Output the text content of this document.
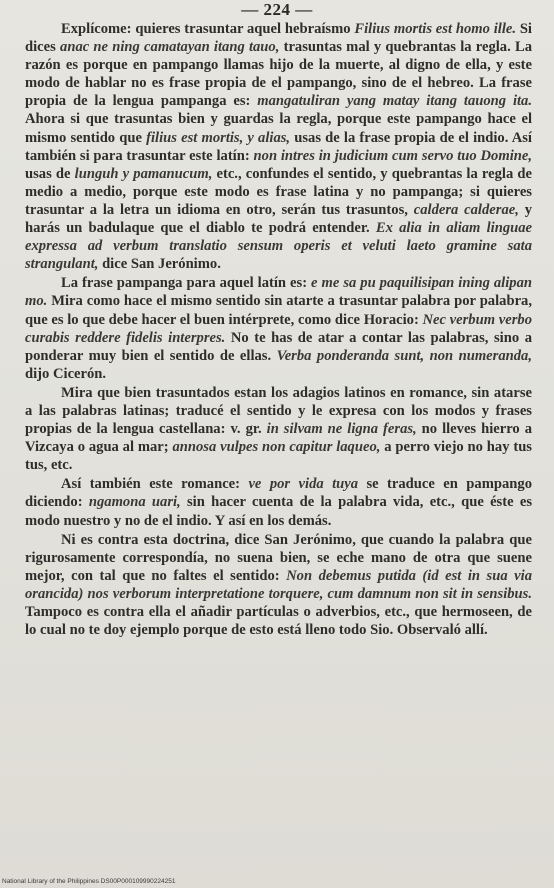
— 224 —

Explícome: quieres trasuntar aquel hebraísmo Filius mortis est homo ille. Si dices anac ne ning camatayan itang tauo, trasuntas mal y quebrantas la regla. La razón es porque en pampango llamas hijo de la muerte, al digno de ella, y este modo de hablar no es frase propia de el pampango, sino de el hebreo. La frase propia de la lengua pampanga es: mangatuliran yang matay itang tauong ita. Ahora si que trasuntas bien y guardas la regla, porque este pampango hace el mismo sentido que filius est mortis, y alias, usas de la frase propia de el indio. Así también si para trasuntar este latín: non intres in judicium cum servo tuo Domine, usas de lunguh y pamanucum, etc., confundes el sentido, y quebrantas la regla de medio a medio, porque este modo es frase latina y no pampanga; si quieres trasuntar a la letra un idioma en otro, serán tus trasuntos, caldera calderae, y harás un badulaque que el diablo te podrá entender. Ex alia in aliam linguae expressa ad verbum translatio sensum operis et veluti laeto gramine sata strangulant, dice San Jerónimo.

La frase pampanga para aquel latín es: e me sa pu paquilisipan ining alipan mo. Mira como hace el mismo sentido sin atarte a trasuntar palabra por palabra, que es lo que debe hacer el buen intérprete, como dice Horacio: Nec verbum verbo curabis reddere fidelis interpres. No te has de atar a contar las palabras, sino a ponderar muy bien el sentido de ellas. Verba ponderanda sunt, non numeranda, dijo Cicerón.

Mira que bien trasuntados estan los adagios latinos en romance, sin atarse a las palabras latinas; traducé el sentido y le expresa con los modos y frases propias de la lengua castellana: v. gr. in silvam ne ligna feras, no lleves hierro a Vizcaya o agua al mar; annosa vulpes non capitur laqueo, a perro viejo no hay tus tus, etc.

Así también este romance: ve por vida tuya se traduce en pampango diciendo: ngamona uari, sin hacer cuenta de la palabra vida, etc., que éste es modo nuestro y no de el indio. Y así en los demás.

Ni es contra esta doctrina, dice San Jerónimo, que cuando la palabra que rigurosamente correspondía, no suena bien, se eche mano de otra que suene mejor, con tal que no faltes el sentido: Non debemus putida (id est in sua via orancida) nos verborum interpretatione torquere, cum damnum non sit in sensibus. Tampoco es contra ella el añadir partículas o adverbios, etc., que hermoseen, de lo cual no te doy ejemplo porque de esto está lleno todo Sio. Observaló allí.

National Library of the Philippines DS00P000109990224251
